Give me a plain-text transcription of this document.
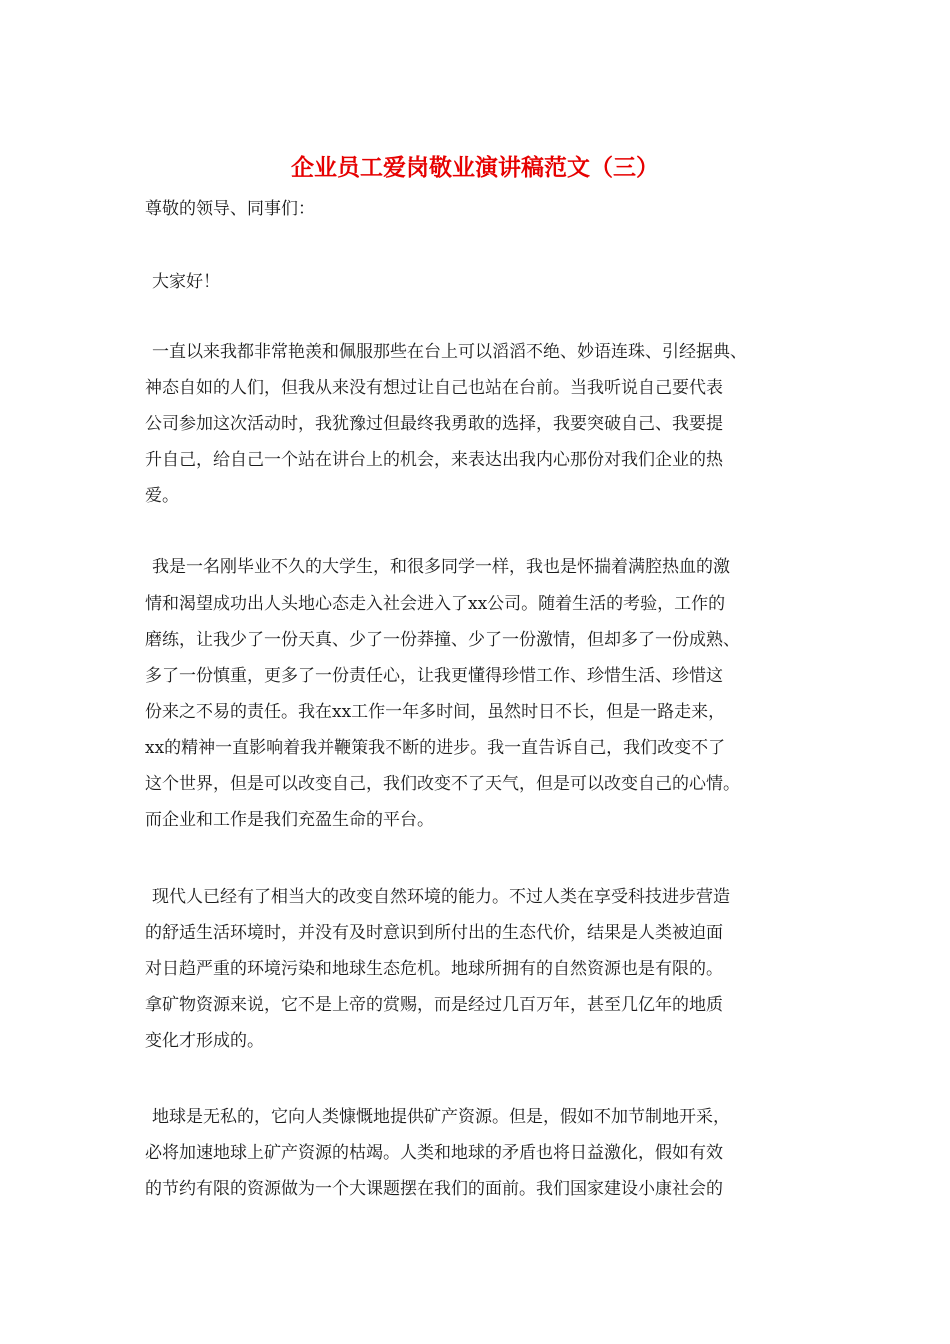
企业员工爱岗敬业演讲稿范文（三）
尊敬的领导、同事们：
大家好！
一直以来我都非常艳羡和佩服那些在台上可以滔滔不绝、妙语连珠、引经据典、
神态自如的人们，但我从来没有想过让自己也站在台前。当我听说自己要代表
公司参加这次活动时，我犹豫过但最终我勇敢的选择，我要突破自己、我要提
升自己，给自己一个站在讲台上的机会，来表达出我内心那份对我们企业的热
爱。
我是一名刚毕业不久的大学生，和很多同学一样，我也是怀揣着满腔热血的激
情和渴望成功出人头地心态走入社会进入了xx公司。随着生活的考验，工作的
磨练，让我少了一份天真、少了一份莽撞、少了一份激情，但却多了一份成熟、
多了一份慎重，更多了一份责任心，让我更懂得珍惜工作、珍惜生活、珍惜这
份来之不易的责任。我在xx工作一年多时间，虽然时日不长，但是一路走来，
xx的精神一直影响着我并鞭策我不断的进步。我一直告诉自己，我们改变不了
这个世界，但是可以改变自己，我们改变不了天气，但是可以改变自己的心情。
而企业和工作是我们充盈生命的平台。
现代人已经有了相当大的改变自然环境的能力。不过人类在享受科技进步营造
的舒适生活环境时，并没有及时意识到所付出的生态代价，结果是人类被迫面
对日趋严重的环境污染和地球生态危机。地球所拥有的自然资源也是有限的。
拿矿物资源来说，它不是上帝的赏赐，而是经过几百万年，甚至几亿年的地质
变化才形成的。
地球是无私的，它向人类慷慨地提供矿产资源。但是，假如不加节制地开采，
必将加速地球上矿产资源的枯竭。人类和地球的矛盾也将日益激化，假如有效
的节约有限的资源做为一个大课题摆在我们的面前。我们国家建设小康社会的
